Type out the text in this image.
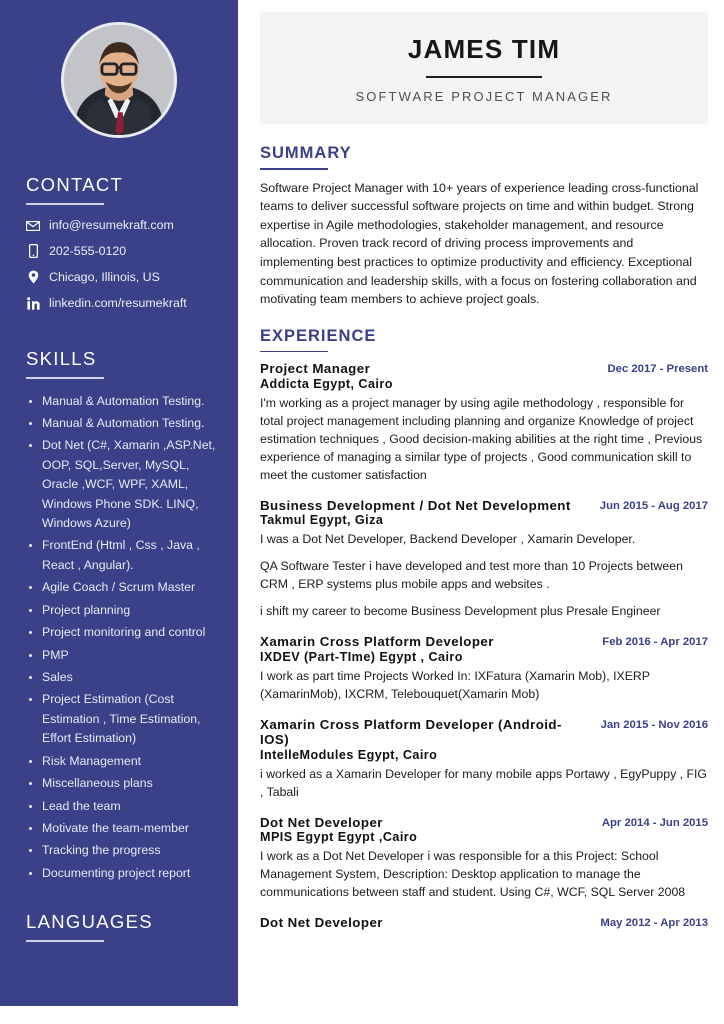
CONTACT
info@resumekraft.com
202-555-0120
Chicago, Illinois, US
linkedin.com/resumekraft
SKILLS
Manual & Automation Testing.
Manual & Automation Testing.
Dot Net (C#, Xamarin ,ASP.Net, OOP, SQL,Server, MySQL, Oracle ,WCF, WPF, XAML, Windows Phone SDK. LINQ, Windows Azure)
FrontEnd (Html , Css , Java , React , Angular).
Agile Coach / Scrum Master
Project planning
Project monitoring and control
PMP
Sales
Project Estimation (Cost Estimation , Time Estimation, Effort Estimation)
Risk Management
Miscellaneous plans
Lead the team
Motivate the team-member
Tracking the progress
Documenting project report
LANGUAGES
JAMES TIM
SOFTWARE PROJECT MANAGER
SUMMARY

Software Project Manager with 10+ years of experience leading cross-functional teams to deliver successful software projects on time and within budget. Strong expertise in Agile methodologies, stakeholder management, and resource allocation. Proven track record of driving process improvements and implementing best practices to optimize productivity and efficiency. Exceptional communication and leadership skills, with a focus on fostering collaboration and motivating team members to achieve project goals.

EXPERIENCE
Project Manager	Dec 2017 - Present
Addicta Egypt, Cairo

I'm working as a project manager by using agile methodology , responsible for total project management including planning and organize Knowledge of project estimation techniques , Good decision-making abilities at the right time , Previous experience of managing a similar type of projects , Good communication skill to meet the customer satisfaction

Business Development / Dot Net Development	Jun 2015 - Aug 2017
Takmul Egypt, Giza

I was a Dot Net Developer, Backend Developer , Xamarin Developer.

QA Software Tester i have developed and test more than 10 Projects between CRM , ERP systems plus mobile apps and websites .

i shift my career to become Business Development plus Presale Engineer

Xamarin Cross Platform Developer	Feb 2016 - Apr 2017
IXDEV (Part-TIme) Egypt , Cairo

I work as part time Projects Worked In: IXFatura (Xamarin Mob), IXERP (XamarinMob), IXCRM, Telebouquet(Xamarin Mob)

Xamarin Cross Platform Developer (Android-IOS)
Jan 2015 - Nov 2016
IntelleModules Egypt, Cairo

i worked as a Xamarin Developer for many mobile apps Portawy , EgyPuppy , FIG , Tabali

Dot Net Developer	Apr 2014 - Jun 2015
MPIS Egypt Egypt ,Cairo

I work as a Dot Net Developer i was responsible for a this Project: School Management System, Description: Desktop application to manage the communications between staff and student. Using C#, WCF, SQL Server 2008

Dot Net Developer	May 2012 - Apr 2013
